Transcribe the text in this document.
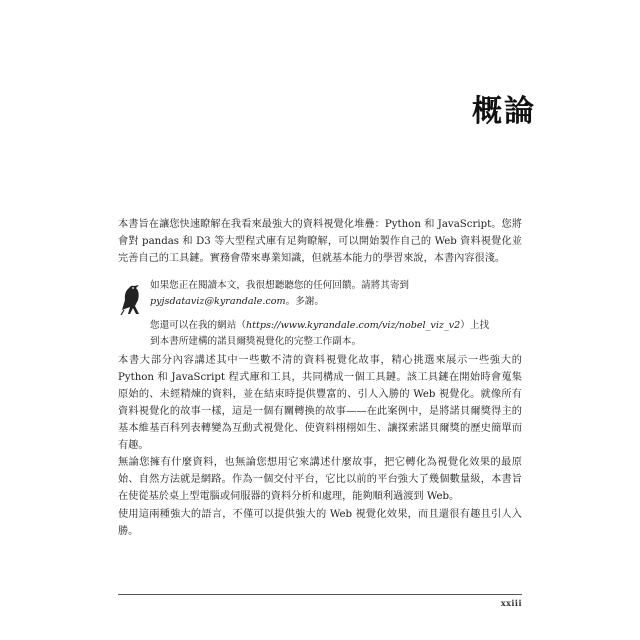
概論

本書旨在讓您快速瞭解在我看來最強大的資料視覺化堆疊：Python 和 JavaScript。您將會對 pandas 和 D3 等大型程式庫有足夠瞭解，可以開始製作自己的 Web 資料視覺化並完善自己的工具鏈。實務會帶來專業知識，但就基本能力的學習來說，本書內容很淺。

如果您正在閱讀本文，我很想聽聽您的任何回饋。請將其寄到
pyjsdataviz@kyrandale.com。多謝。
您還可以在我的網站（https://www.kyrandale.com/viz/nobel_viz_v2）上找
到本書所建構的諾貝爾獎視覺化的完整工作副本。

本書大部分內容講述其中一些數不清的資料視覺化故事，精心挑選來展示一些強大的 Python 和 JavaScript 程式庫和工具，共同構成一個工具鏈。該工具鏈在開始時會蒐集原始的、未經精煉的資料，並在結束時提供豐富的、引人入勝的 Web 視覺化。就像所有資料視覺化的故事一樣，這是一個有關轉換的故事——在此案例中，是將諾貝爾獎得主的基本維基百科列表轉變為互動式視覺化、使資料栩栩如生、讓探索諾貝爾獎的歷史簡單而有趣。

無論您擁有什麼資料，也無論您想用它來講述什麼故事，把它轉化為視覺化效果的最原始、自然方法就是網路。作為一個交付平台，它比以前的平台強大了幾個數量級，本書旨在使從基於桌上型電腦或伺服器的資料分析和處理，能夠順利過渡到 Web。

使用這兩種強大的語言，不僅可以提供強大的 Web 視覺化效果，而且還很有趣且引人入勝。

xxiii
